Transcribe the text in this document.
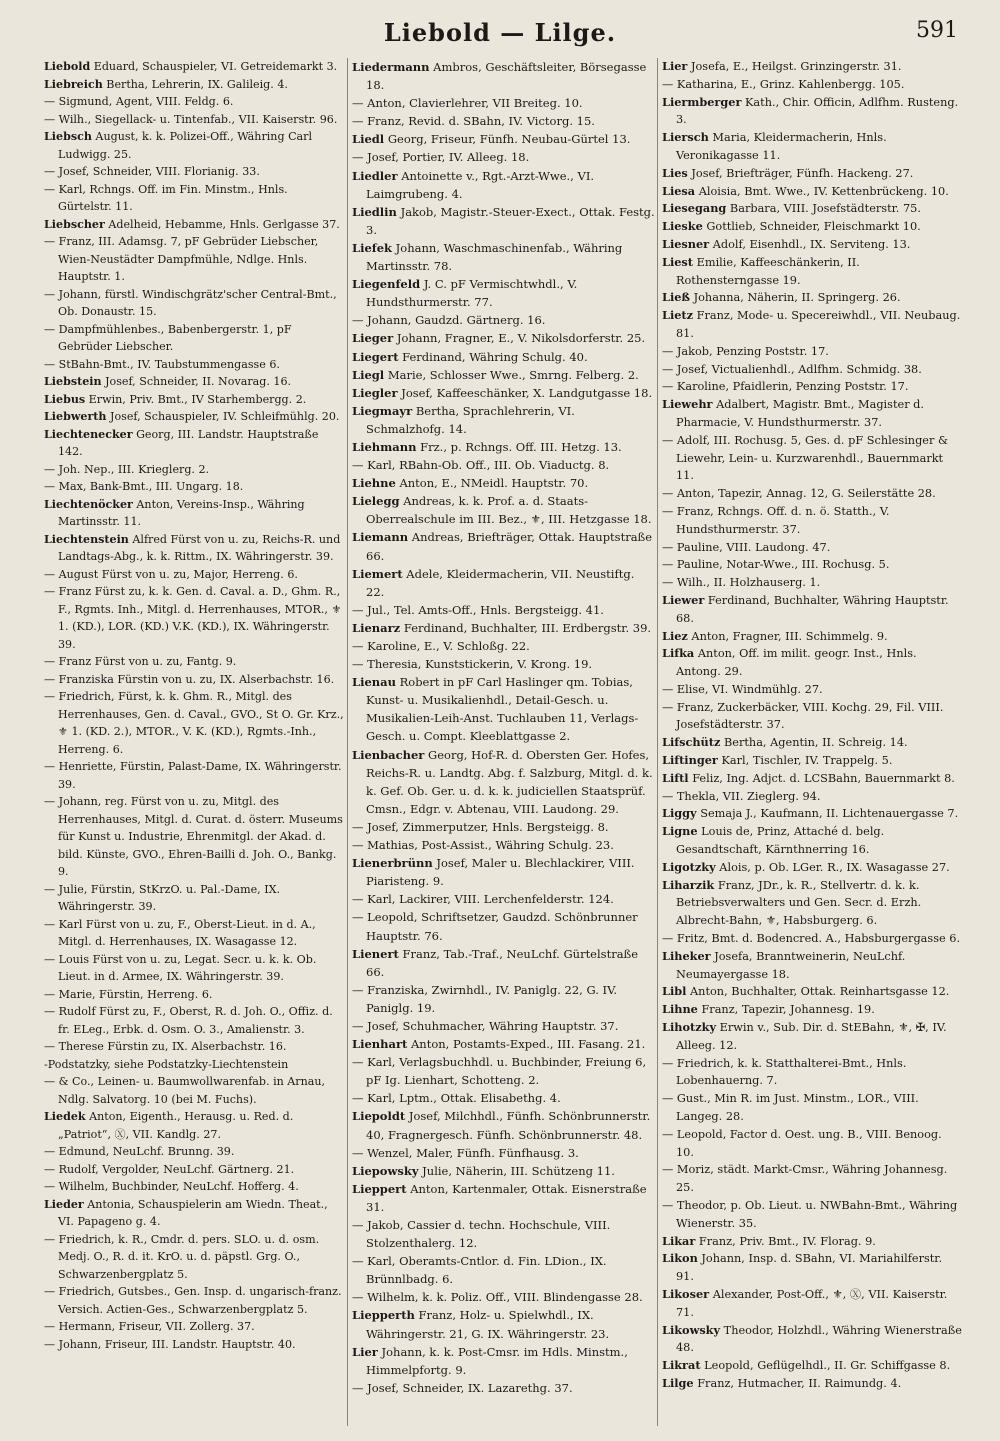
Liebold — Lilge.	591

Liebold Eduard, Schauspieler, VI. Getreidemarkt 3.

Liebreich Bertha, Lehrerin, IX. Galileig. 4.

— Sigmund, Agent, VIII. Feldg. 6.

— Wilh., Siegellack- u. Tintenfab., VII. Kaiserstr. 96.

Liebsch August, k. k. Polizei-Off., Währing Carl Ludwigg. 25.

— Josef, Schneider, VIII. Florianig. 33.

— Karl, Rchngs. Off. im Fin. Minstm., Hnls. Gürtelstr. 11.

Liebscher Adelheid, Hebamme, Hnls. Gerlgasse 37.

— Franz, III. Adamsg. 7, pF Gebrüder Liebscher, Wien-Neustädter Dampfmühle, Ndlge. Hnls. Hauptstr. 1.

— Johann, fürstl. Windischgrätz'scher Central-Bmt., Ob. Donaustr. 15.

— Dampfmühlenbes., Babenbergerstr. 1, pF Gebrüder Liebscher.

— StBahn-Bmt., IV. Taubstummengasse 6.

Liebstein Josef, Schneider, II. Novarag. 16.

Liebus Erwin, Priv. Bmt., IV Starhembergg. 2.

Liebwerth Josef, Schauspieler, IV. Schleifmühlg. 20.

Liechtenecker Georg, III. Landstr. Hauptstraße 142.

— Joh. Nep., III. Krieglerg. 2.

— Max, Bank-Bmt., III. Ungarg. 18.

Liechtenöcker Anton, Vereins-Insp., Währing Martinsstr. 11.

Liechtenstein Alfred Fürst von u. zu, Reichs-R. und Landtags-Abg., k. k. Rittm., IX. Währingerstr. 39.

— August Fürst von u. zu, Major, Herreng. 6.

— Franz Fürst zu, k. k. Gen. d. Caval. a. D., Ghm. R., F., Rgmts. Inh., Mitgl. d. Herrenhauses, MTOR., ⚜ 1. (KD.), LOR. (KD.) V.K. (KD.), IX. Währingerstr. 39.

— Franz Fürst von u. zu, Fantg. 9.

— Franziska Fürstin von u. zu, IX. Alserbachstr. 16.

— Friedrich, Fürst, k. k. Ghm. R., Mitgl. des Herrenhauses, Gen. d. Caval., GVO., St O. Gr. Krz., ⚜ 1. (KD. 2.), MTOR., V. K. (KD.), Rgmts.-Inh., Herreng. 6.

— Henriette, Fürstin, Palast-Dame, IX. Währingerstr. 39.

— Johann, reg. Fürst von u. zu, Mitgl. des Herrenhauses, Mitgl. d. Curat. d. österr. Museums für Kunst u. Industrie, Ehrenmitgl. der Akad. d. bild. Künste, GVO., Ehren-Bailli d. Joh. O., Bankg. 9.

— Julie, Fürstin, StKrzO. u. Pal.-Dame, IX. Währingerstr. 39.

— Karl Fürst von u. zu, F., Oberst-Lieut. in d. A., Mitgl. d. Herrenhauses, IX. Wasagasse 12.

— Louis Fürst von u. zu, Legat. Secr. u. k. k. Ob. Lieut. in d. Armee, IX. Währingerstr. 39.

— Marie, Fürstin, Herreng. 6.

— Rudolf Fürst zu, F., Oberst, R. d. Joh. O., Offiz. d. fr. ELeg., Erbk. d. Osm. O. 3., Amalienstr. 3.

— Therese Fürstin zu, IX. Alserbachstr. 16.

-Podstatzky, siehe Podstatzky-Liechtenstein

— & Co., Leinen- u. Baumwollwarenfab. in Arnau, Ndlg. Salvatorg. 10 (bei M. Fuchs).

Liedek Anton, Eigenth., Herausg. u. Red. d. „Patriot“, Ⓧ, VII. Kandlg. 27.

— Edmund, NeuLchf. Brunng. 39.

— Rudolf, Vergolder, NeuLchf. Gärtnerg. 21.

— Wilhelm, Buchbinder, NeuLchf. Hofferg. 4.

Lieder Antonia, Schauspielerin am Wiedn. Theat., VI. Papageno g. 4.

— Friedrich, k. R., Cmdr. d. pers. SLO. u. d. osm. Medj. O., R. d. it. KrO. u. d. päpstl. Grg. O., Schwarzenbergplatz 5.

— Friedrich, Gutsbes., Gen. Insp. d. ungarisch-franz. Versich. Actien-Ges., Schwarzenbergplatz 5.

— Hermann, Friseur, VII. Zollerg. 37.

— Johann, Friseur, III. Landstr. Hauptstr. 40.

Liedermann Ambros, Geschäftsleiter, Börsegasse 18.

— Anton, Clavierlehrer, VII Breiteg. 10.

— Franz, Revid. d. SBahn, IV. Victorg. 15.

Liedl Georg, Friseur, Fünfh. Neubau-Gürtel 13.

— Josef, Portier, IV. Alleeg. 18.

Liedler Antoinette v., Rgt.-Arzt-Wwe., VI. Laimgrubeng. 4.

Liedlin Jakob, Magistr.-Steuer-Exect., Ottak. Festg. 3.

Liefek Johann, Waschmaschinenfab., Währing Martinsstr. 78.

Liegenfeld J. C. pF Vermischtwhdl., V. Hundsthurmerstr. 77.

— Johann, Gaudzd. Gärtnerg. 16.

Lieger Johann, Fragner, E., V. Nikolsdorferstr. 25.

Liegert Ferdinand, Währing Schulg. 40.

Liegl Marie, Schlosser Wwe., Smrng. Felberg. 2.

Liegler Josef, Kaffeeschänker, X. Landgutgasse 18.

Liegmayr Bertha, Sprachlehrerin, VI. Schmalzhofg. 14.

Liehmann Frz., p. Rchngs. Off. III. Hetzg. 13.

— Karl, RBahn-Ob. Off., III. Ob. Viaductg. 8.

Liehne Anton, E., NMeidl. Hauptstr. 70.

Lielegg Andreas, k. k. Prof. a. d. Staats-Oberrealschule im III. Bez., ⚜, III. Hetzgasse 18.

Liemann Andreas, Briefträger, Ottak. Hauptstraße 66.

Liemert Adele, Kleidermacherin, VII. Neustiftg. 22.

— Jul., Tel. Amts-Off., Hnls. Bergsteigg. 41.

Lienarz Ferdinand, Buchhalter, III. Erdbergstr. 39.

— Karoline, E., V. Schloßg. 22.

— Theresia, Kunststickerin, V. Krong. 19.

Lienau Robert in pF Carl Haslinger qm. Tobias, Kunst- u. Musikalienhdl., Detail-Gesch. u. Musikalien-Leih-Anst. Tuchlauben 11, Verlags-Gesch. u. Compt. Kleeblattgasse 2.

Lienbacher Georg, Hof-R. d. Obersten Ger. Hofes, Reichs-R. u. Landtg. Abg. f. Salzburg, Mitgl. d. k. k. Gef. Ob. Ger. u. d. k. k. judiciellen Staatsprüf. Cmsn., Edgr. v. Abtenau, VIII. Laudong. 29.

— Josef, Zimmerputzer, Hnls. Bergsteigg. 8.

— Mathias, Post-Assist., Währing Schulg. 23.

Lienerbrünn Josef, Maler u. Blechlackirer, VIII. Piaristeng. 9.

— Karl, Lackirer, VIII. Lerchenfelderstr. 124.

— Leopold, Schriftsetzer, Gaudzd. Schönbrunner Hauptstr. 76.

Lienert Franz, Tab.-Traf., NeuLchf. Gürtelstraße 66.

— Franziska, Zwirnhdl., IV. Paniglg. 22, G. IV. Paniglg. 19.

— Josef, Schuhmacher, Währing Hauptstr. 37.

Lienhart Anton, Postamts-Exped., III. Fasang. 21.

— Karl, Verlagsbuchhdl. u. Buchbinder, Freiung 6, pF Ig. Lienhart, Schotteng. 2.

— Karl, Lptm., Ottak. Elisabethg. 4.

Liepoldt Josef, Milchhdl., Fünfh. Schönbrunnerstr. 40, Fragnergesch. Fünfh. Schönbrunnerstr. 48.

— Wenzel, Maler, Fünfh. Fünfhausg. 3.

Liepowsky Julie, Näherin, III. Schützeng 11.

Lieppert Anton, Kartenmaler, Ottak. Eisnerstraße 31.

— Jakob, Cassier d. techn. Hochschule, VIII. Stolzenthalerg. 12.

— Karl, Oberamts-Cntlor. d. Fin. LDion., IX. Brünnlbadg. 6.

— Wilhelm, k. k. Poliz. Off., VIII. Blindengasse 28.

Liepperth Franz, Holz- u. Spielwhdl., IX. Währingerstr. 21, G. IX. Währingerstr. 23.

Lier Johann, k. k. Post-Cmsr. im Hdls. Minstm., Himmelpfortg. 9.

— Josef, Schneider, IX. Lazarethg. 37.

Lier Josefa, E., Heilgst. Grinzingerstr. 31.

— Katharina, E., Grinz. Kahlenbergg. 105.

Liermberger Kath., Chir. Officin, Adlfhm. Rusteng. 3.

Liersch Maria, Kleidermacherin, Hnls. Veronikagasse 11.

Lies Josef, Briefträger, Fünfh. Hackeng. 27.

Liesa Aloisia, Bmt. Wwe., IV. Kettenbrückeng. 10.

Liesegang Barbara, VIII. Josefstädterstr. 75.

Lieske Gottlieb, Schneider, Fleischmarkt 10.

Liesner Adolf, Eisenhdl., IX. Serviteng. 13.

Liest Emilie, Kaffeeschänkerin, II. Rothensterngasse 19.

Ließ Johanna, Näherin, II. Springerg. 26.

Lietz Franz, Mode- u. Specereiwhdl., VII. Neubaug. 81.

— Jakob, Penzing Poststr. 17.

— Josef, Victualienhdl., Adlfhm. Schmidg. 38.

— Karoline, Pfaidlerin, Penzing Poststr. 17.

Liewehr Adalbert, Magistr. Bmt., Magister d. Pharmacie, V. Hundsthurmerstr. 37.

— Adolf, III. Rochusg. 5, Ges. d. pF Schlesinger & Liewehr, Lein- u. Kurzwarenhdl., Bauernmarkt 11.

— Anton, Tapezir, Annag. 12, G. Seilerstätte 28.

— Franz, Rchngs. Off. d. n. ö. Statth., V. Hundsthurmerstr. 37.

— Pauline, VIII. Laudong. 47.

— Pauline, Notar-Wwe., III. Rochusg. 5.

— Wilh., II. Holzhauserg. 1.

Liewer Ferdinand, Buchhalter, Währing Hauptstr. 68.

Liez Anton, Fragner, III. Schimmelg. 9.

Lifka Anton, Off. im milit. geogr. Inst., Hnls. Antong. 29.

— Elise, VI. Windmühlg. 27.

— Franz, Zuckerbäcker, VIII. Kochg. 29, Fil. VIII. Josefstädterstr. 37.

Lifschütz Bertha, Agentin, II. Schreig. 14.

Liftinger Karl, Tischler, IV. Trappelg. 5.

Liftl Feliz, Ing. Adjct. d. LCSBahn, Bauernmarkt 8.

— Thekla, VII. Zieglerg. 94.

Liggy Semaja J., Kaufmann, II. Lichtenauergasse 7.

Ligne Louis de, Prinz, Attaché d. belg. Gesandtschaft, Kärnthnerring 16.

Ligotzky Alois, p. Ob. LGer. R., IX. Wasagasse 27.

Liharzik Franz, JDr., k. R., Stellvertr. d. k. k. Betriebsverwalters und Gen. Secr. d. Erzh. Albrecht-Bahn, ⚜, Habsburgerg. 6.

— Fritz, Bmt. d. Bodencred. A., Habsburgergasse 6.

Liheker Josefa, Branntweinerin, NeuLchf. Neumayergasse 18.

Libl Anton, Buchhalter, Ottak. Reinhartsgasse 12.

Lihne Franz, Tapezir, Johannesg. 19.

Lihotzky Erwin v., Sub. Dir. d. StEBahn, ⚜, ✠, IV. Alleeg. 12.

— Friedrich, k. k. Statthalterei-Bmt., Hnls. Lobenhauerng. 7.

— Gust., Min R. im Just. Minstm., LOR., VIII. Langeg. 28.

— Leopold, Factor d. Oest. ung. B., VIII. Benoog. 10.

— Moriz, städt. Markt-Cmsr., Währing Johannesg. 25.

— Theodor, p. Ob. Lieut. u. NWBahn-Bmt., Währing Wienerstr. 35.

Likar Franz, Priv. Bmt., IV. Florag. 9.

Likon Johann, Insp. d. SBahn, VI. Mariahilferstr. 91.

Likoser Alexander, Post-Off., ⚜, Ⓧ, VII. Kaiserstr. 71.

Likowsky Theodor, Holzhdl., Währing Wienerstraße 48.

Likrat Leopold, Geflügelhdl., II. Gr. Schiffgasse 8.

Lilge Franz, Hutmacher, II. Raimundg. 4.
